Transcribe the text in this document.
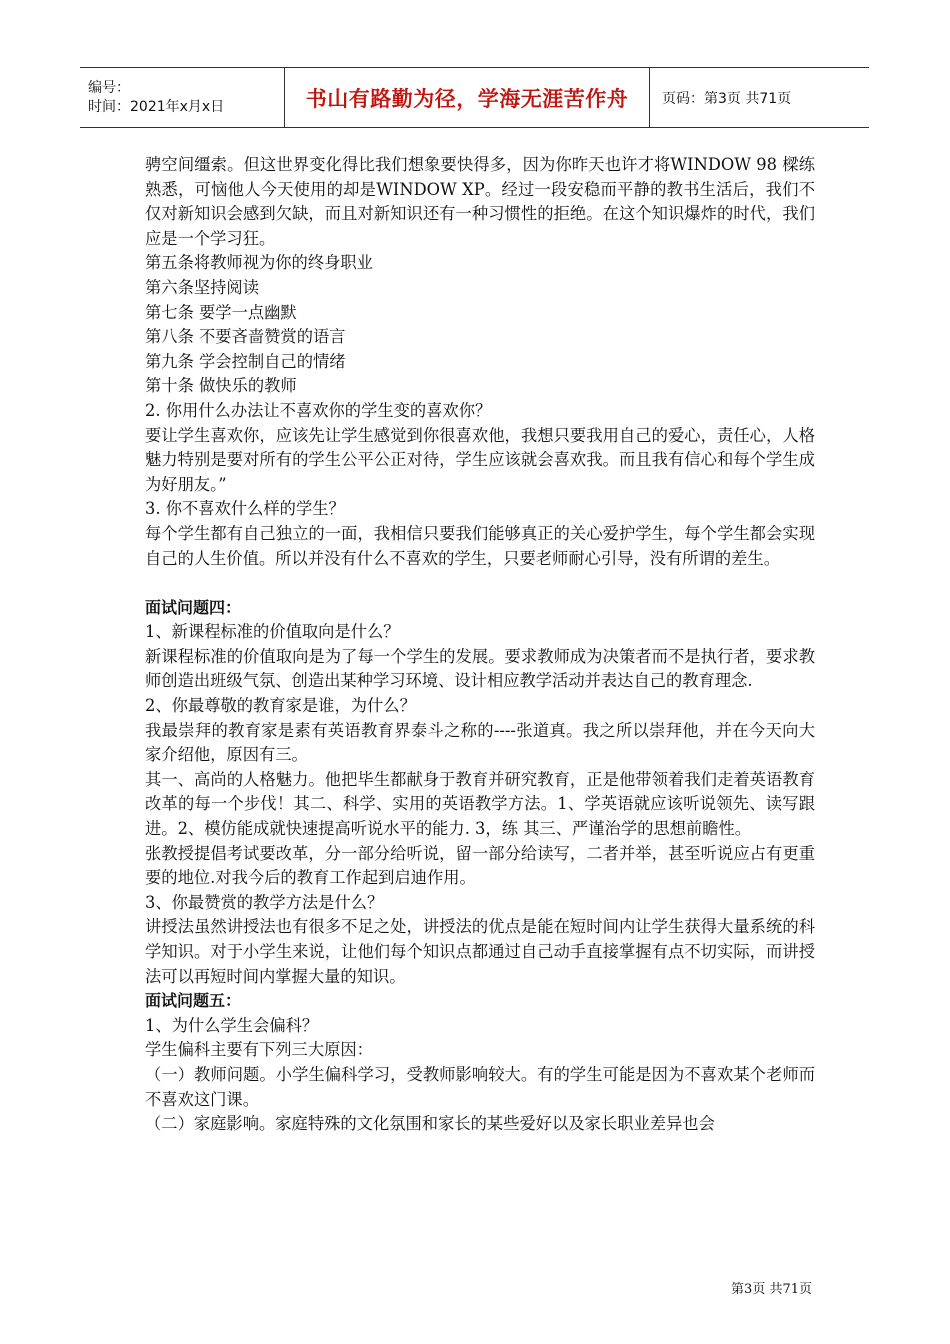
编号：
时间：2021年x月x日	书山有路勤为径，学海无涯苦作舟 页码：第3页 共71页

骋空间缰索。但这世界变化得比我们想象要快得多，因为你昨天也许才将WINDOW 98 樑练熟悉，可恼他人今天使用的却是WINDOW XP。经过一段安稳而平静的教书生活后，我们不仅对新知识会感到欠缺，而且对新知识还有一种习惯性的拒绝。在这个知识爆炸的时代，我们应是一个学习狂。

第五条将教师视为你的终身职业

第六条坚持阅读

第七条 要学一点幽默

第八条 不要吝啬赞赏的语言

第九条 学会控制自己的情绪

第十条 做快乐的教师

2. 你用什么办法让不喜欢你的学生变的喜欢你？

要让学生喜欢你，应该先让学生感觉到你很喜欢他，我想只要我用自己的爱心，责任心，人格魅力特别是要对所有的学生公平公正对待，学生应该就会喜欢我。而且我有信心和每个学生成为好朋友。”

3. 你不喜欢什么样的学生？

每个学生都有自己独立的一面，我相信只要我们能够真正的关心爱护学生，每个学生都会实现自己的人生价值。所以并没有什么不喜欢的学生，只要老师耐心引导，没有所谓的差生。

面试问题四：

1、新课程标准的价值取向是什么？

新课程标准的价值取向是为了每一个学生的发展。要求教师成为决策者而不是执行者，要求教师创造出班级气氛、创造出某种学习环境、设计相应教学活动并表达自己的教育理念.

2、你最尊敬的教育家是谁，为什么？

我最崇拜的教育家是素有英语教育界泰斗之称的----张道真。我之所以崇拜他，并在今天向大家介绍他，原因有三。

其一、高尚的人格魅力。他把毕生都献身于教育并研究教育，正是他带领着我们走着英语教育改革的每一个步伐！其二、科学、实用的英语教学方法。1、学英语就应该听说领先、读写跟进。2、模仿能成就快速提高听说水平的能力. 3，练 其三、严谨治学的思想前瞻性。

张教授提倡考试要改革，分一部分给听说，留一部分给读写，二者并举，甚至听说应占有更重要的地位.对我今后的教育工作起到启迪作用。

3、你最赞赏的教学方法是什么？

讲授法虽然讲授法也有很多不足之处，讲授法的优点是能在短时间内让学生获得大量系统的科学知识。对于小学生来说，让他们每个知识点都通过自己动手直接掌握有点不切实际，而讲授法可以再短时间内掌握大量的知识。

面试问题五：

1、为什么学生会偏科？

学生偏科主要有下列三大原因：

（一）教师问题。小学生偏科学习，受教师影响较大。有的学生可能是因为不喜欢某个老师而不喜欢这门课。

（二）家庭影响。家庭特殊的文化氛围和家长的某些爱好以及家长职业差异也会

第3页 共71页
